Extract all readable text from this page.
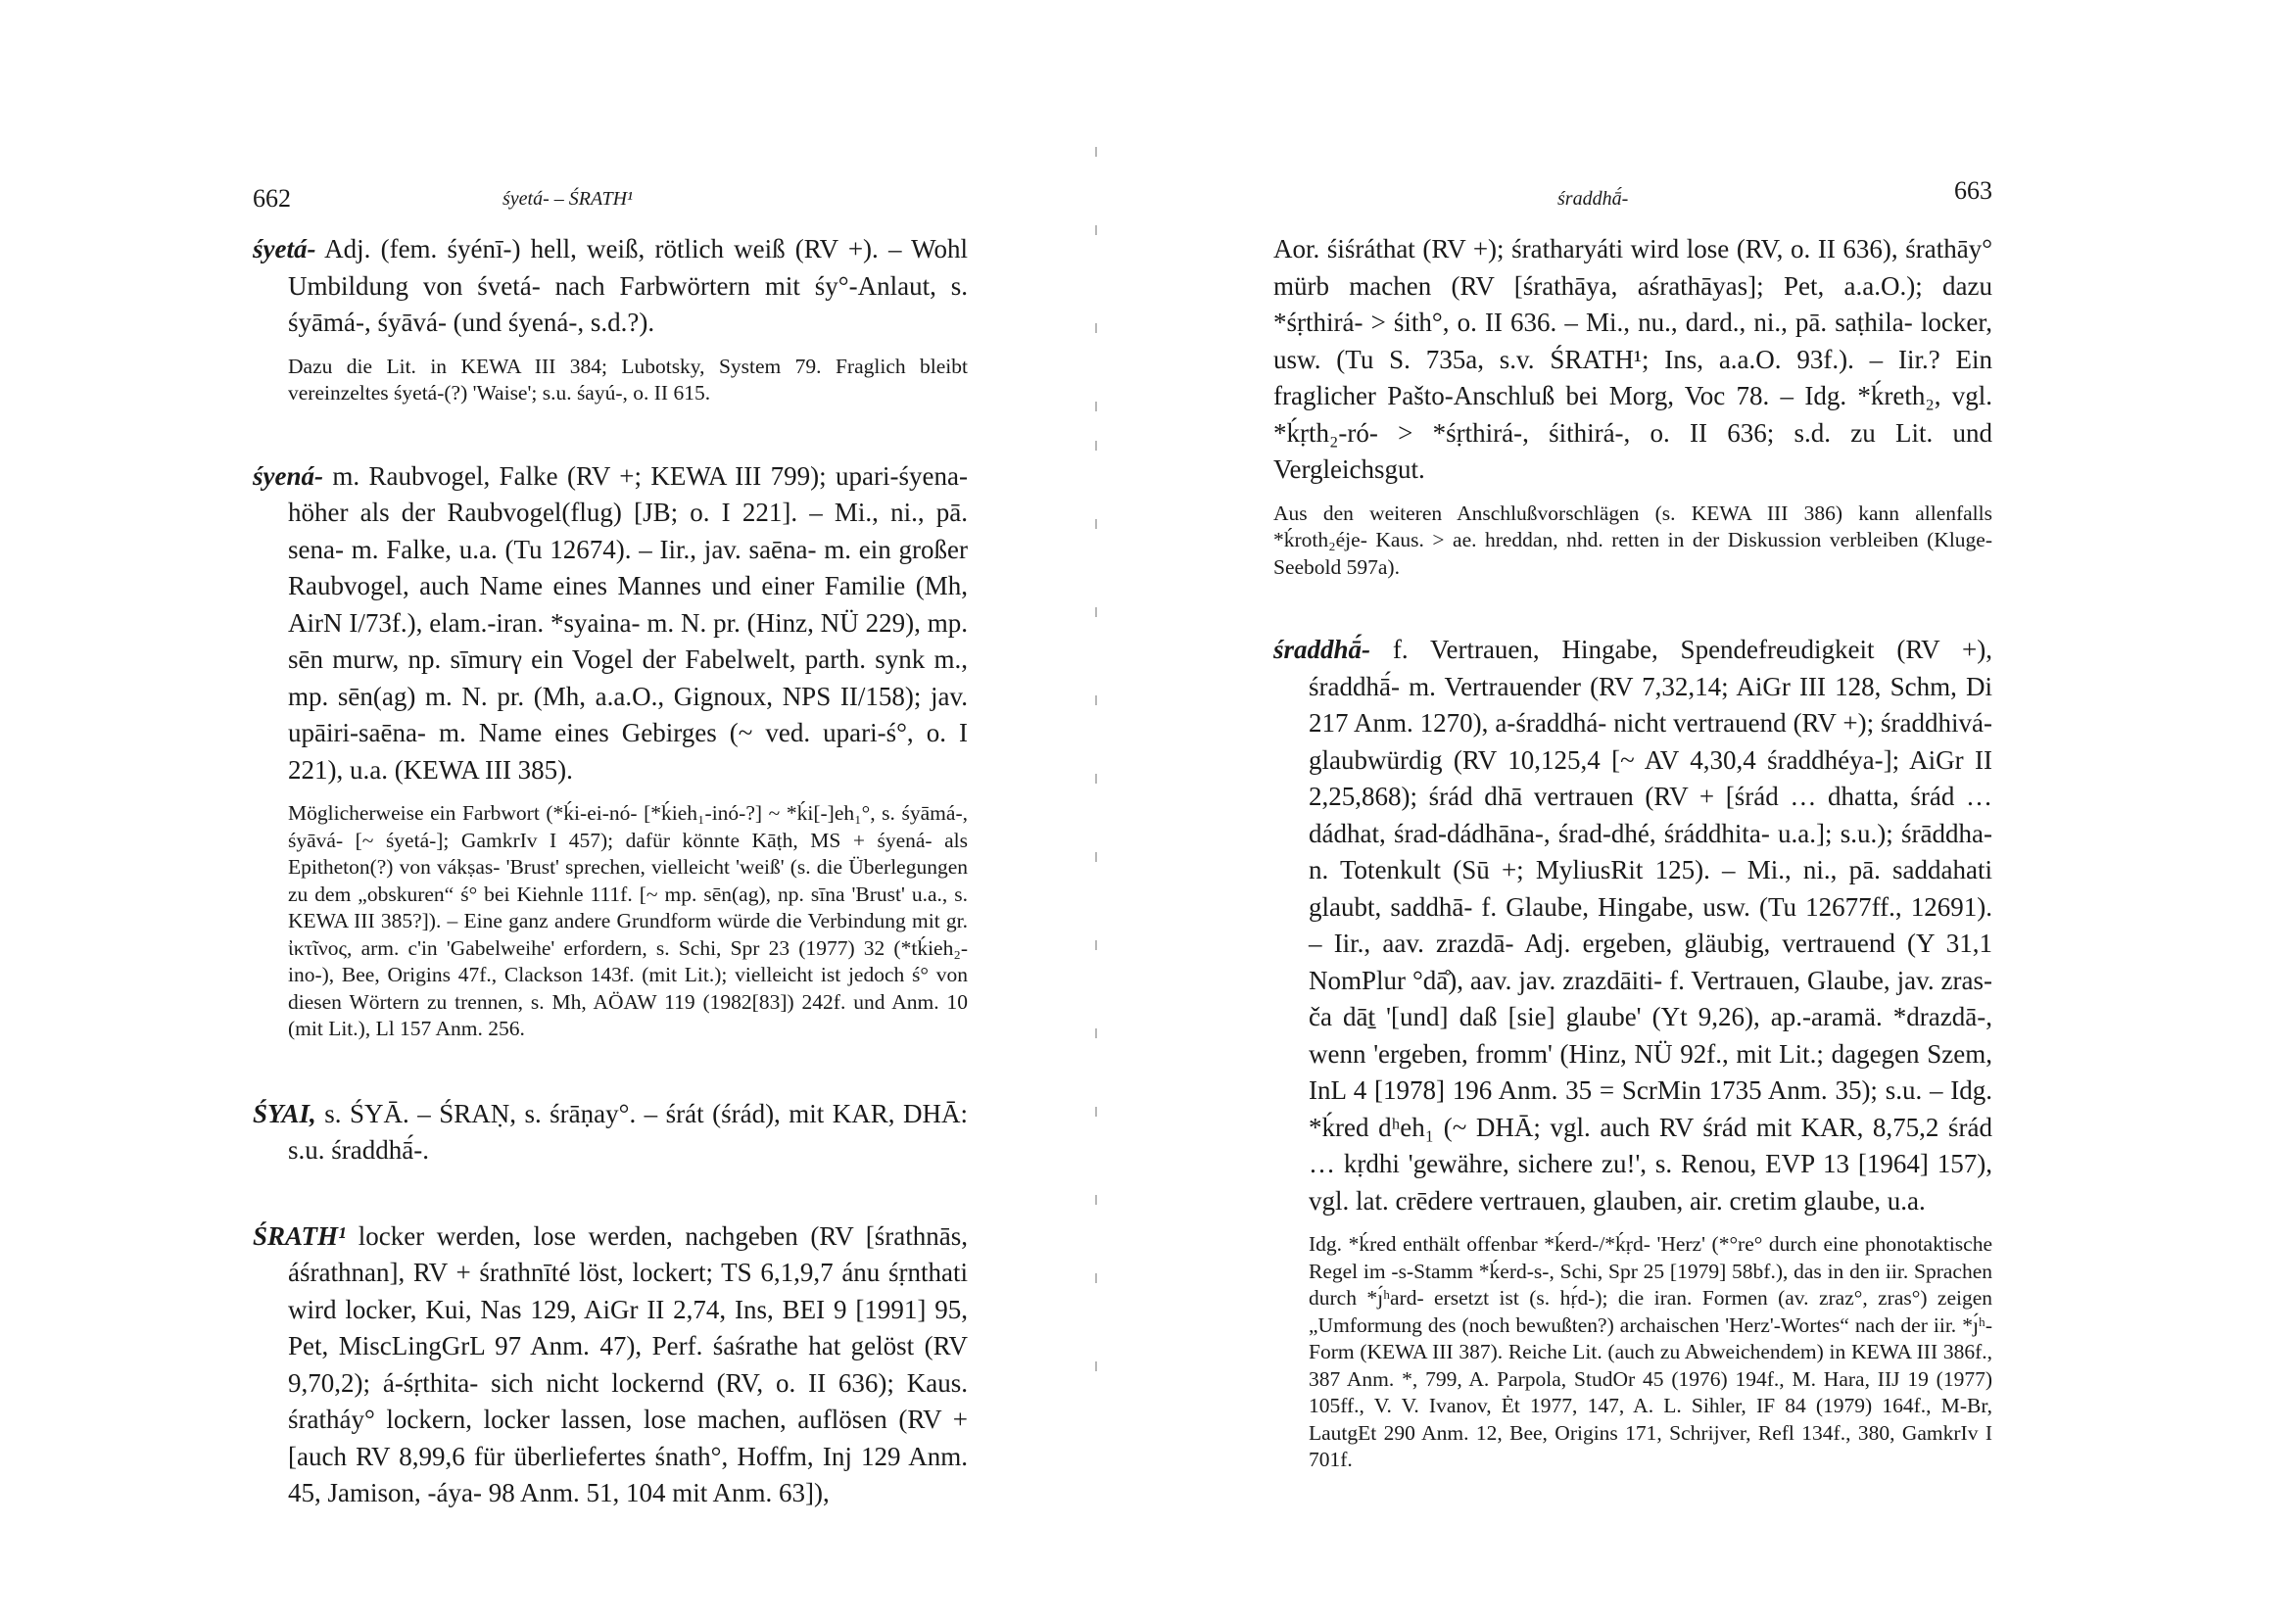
662	śyetá- – ŚRATH¹

śyetá- Adj. (fem. śyénī-) hell, weiß, rötlich weiß (RV +). – Wohl Umbildung von śvetá- nach Farbwörtern mit śy°-Anlaut, s. śyāmá-, śyāvá- (und śyená-, s.d.?).

Dazu die Lit. in KEWA III 384; Lubotsky, System 79. Fraglich bleibt vereinzeltes śyetá-(?) 'Waise'; s.u. śayú-, o. II 615.

śyená- m. Raubvogel, Falke (RV +; KEWA III 799); upari-śyena- höher als der Raubvogel(flug) [JB; o. I 221]. – Mi., ni., pā. sena- m. Falke, u.a. (Tu 12674). – Iir., jav. saēna- m. ein großer Raubvogel, auch Name eines Mannes und einer Familie (Mh, AirN I/73f.), elam.-iran. *syaina- m. N. pr. (Hinz, NÜ 229), mp. sēn murw, np. sīmurγ ein Vogel der Fabelwelt, parth. synk m., mp. sēn(ag) m. N. pr. (Mh, a.a.O., Gignoux, NPS II/158); jav. upāiri-saēna- m. Name eines Gebirges (~ ved. upari-ś°, o. I 221), u.a. (KEWA III 385).

Möglicherweise ein Farbwort (*ḱi-ei-nó- [*ḱieh₁-inó-?] ~ *ḱi[-]eh₁°, s. śyāmá-, śyāvá- [~ śyetá-]; GamkrIv I 457); dafür könnte Kāṭh, MS + śyená- als Epitheton(?) von vákṣas- 'Brust' sprechen, vielleicht 'weiß' (s. die Überlegungen zu dem „obskuren“ ś° bei Kiehnle 111f. [~ mp. sēn(ag), np. sīna 'Brust' u.a., s. KEWA III 385?]). – Eine ganz andere Grundform würde die Verbindung mit gr. ἰκτῖνος, arm. c'in 'Gabelweihe' erfordern, s. Schi, Spr 23 (1977) 32 (*tḱieh₂-ino-), Bee, Origins 47f., Clackson 143f. (mit Lit.); vielleicht ist jedoch ś° von diesen Wörtern zu trennen, s. Mh, AÖAW 119 (1982[83]) 242f. und Anm. 10 (mit Lit.), Ll 157 Anm. 256.

ŚYAI, s. ŚYĀ. – ŚRAṆ, s. śrāṇay°. – śrát (śrád), mit KAR, DHĀ: s.u. śraddhā́-.

ŚRATH¹ locker werden, lose werden, nachgeben (RV [śrathnās, áśrathnan], RV + śrathnīté löst, lockert; TS 6,1,9,7 ánu śṛnthati wird locker, Kui, Nas 129, AiGr II 2,74, Ins, BEI 9 [1991] 95, Pet, MiscLingGrL 97 Anm. 47), Perf. śaśrathe hat gelöst (RV 9,70,2); á-śṛthita- sich nicht lockernd (RV, o. II 636); Kaus. śratháy° lockern, locker lassen, lose machen, auflösen (RV + [auch RV 8,99,6 für überliefertes śnath°, Hoffm, Inj 129 Anm. 45, Jamison, -áya- 98 Anm. 51, 104 mit Anm. 63]),

śraddhā́-	663

Aor. śiśráthat (RV +); śratharyáti wird lose (RV, o. II 636), śrathāy° mürb machen (RV [śrathāya, aśrathāyas]; Pet, a.a.O.); dazu *śṛthirá- > śith°, o. II 636. – Mi., nu., dard., ni., pā. saṭhila- locker, usw. (Tu S. 735a, s.v. ŚRATH¹; Ins, a.a.O. 93f.). – Iir.? Ein fraglicher Pašto-Anschluß bei Morg, Voc 78. – Idg. *ḱreth₂, vgl. *ḱṛth₂-ró- > *śṛthirá-, śithirá-, o. II 636; s.d. zu Lit. und Vergleichsgut.

Aus den weiteren Anschlußvorschlägen (s. KEWA III 386) kann allenfalls *ḱroth₂éje- Kaus. > ae. hreddan, nhd. retten in der Diskussion verbleiben (Kluge-Seebold 597a).

śraddhā́- f. Vertrauen, Hingabe, Spendefreudigkeit (RV +), śraddhā́- m. Vertrauender (RV 7,32,14; AiGr III 128, Schm, Di 217 Anm. 1270), a-śraddhá- nicht vertrauend (RV +); śraddhivá- glaubwürdig (RV 10,125,4 [~ AV 4,30,4 śraddhéya-]; AiGr II 2,25,868); śrád dhā vertrauen (RV + [śrád … dhatta, śrád … dádhat, śrad-dádhāna-, śrad-dhé, śráddhita- u.a.]; s.u.); śrāddha- n. Totenkult (Sū +; MyliusRit 125). – Mi., ni., pā. saddahati glaubt, saddhā- f. Glaube, Hingabe, usw. (Tu 12677ff., 12691). – Iir., aav. zrazdā- Adj. ergeben, gläubig, vertrauend (Y 31,1 NomPlur °dā̊), aav. jav. zrazdāiti- f. Vertrauen, Glaube, jav. zras-ča dāṯ '[und] daß [sie] glaube' (Yt 9,26), ap.-aramä. *drazdā-, wenn 'ergeben, fromm' (Hinz, NÜ 92f., mit Lit.; dagegen Szem, InL 4 [1978] 196 Anm. 35 = ScrMin 1735 Anm. 35); s.u. – Idg. *ḱred dʰeh₁ (~ DHĀ; vgl. auch RV śrád mit KAR, 8,75,2 śrád … kṛdhi 'gewähre, sichere zu!', s. Renou, EVP 13 [1964] 157), vgl. lat. crēdere vertrauen, glauben, air. cretim glaube, u.a.

Idg. *ḱred enthält offenbar *ḱerd-/*ḱṛd- 'Herz' (*°re° durch eine phonotaktische Regel im -s-Stamm *ḱerd-s-, Schi, Spr 25 [1979] 58bf.), das in den iir. Sprachen durch *ȷ́ʰard- ersetzt ist (s. hṛ́d-); die iran. Formen (av. zraz°, zras°) zeigen „Umformung des (noch bewußten?) archaischen 'Herz'-Wortes“ nach der iir. *ȷ́ʰ-Form (KEWA III 387). Reiche Lit. (auch zu Abweichendem) in KEWA III 386f., 387 Anm. *, 799, A. Parpola, StudOr 45 (1976) 194f., M. Hara, IIJ 19 (1977) 105ff., V. V. Ivanov, Ėt 1977, 147, A. L. Sihler, IF 84 (1979) 164f., M-Br, LautgEt 290 Anm. 12, Bee, Origins 171, Schrijver, Refl 134f., 380, GamkrIv I 701f.
